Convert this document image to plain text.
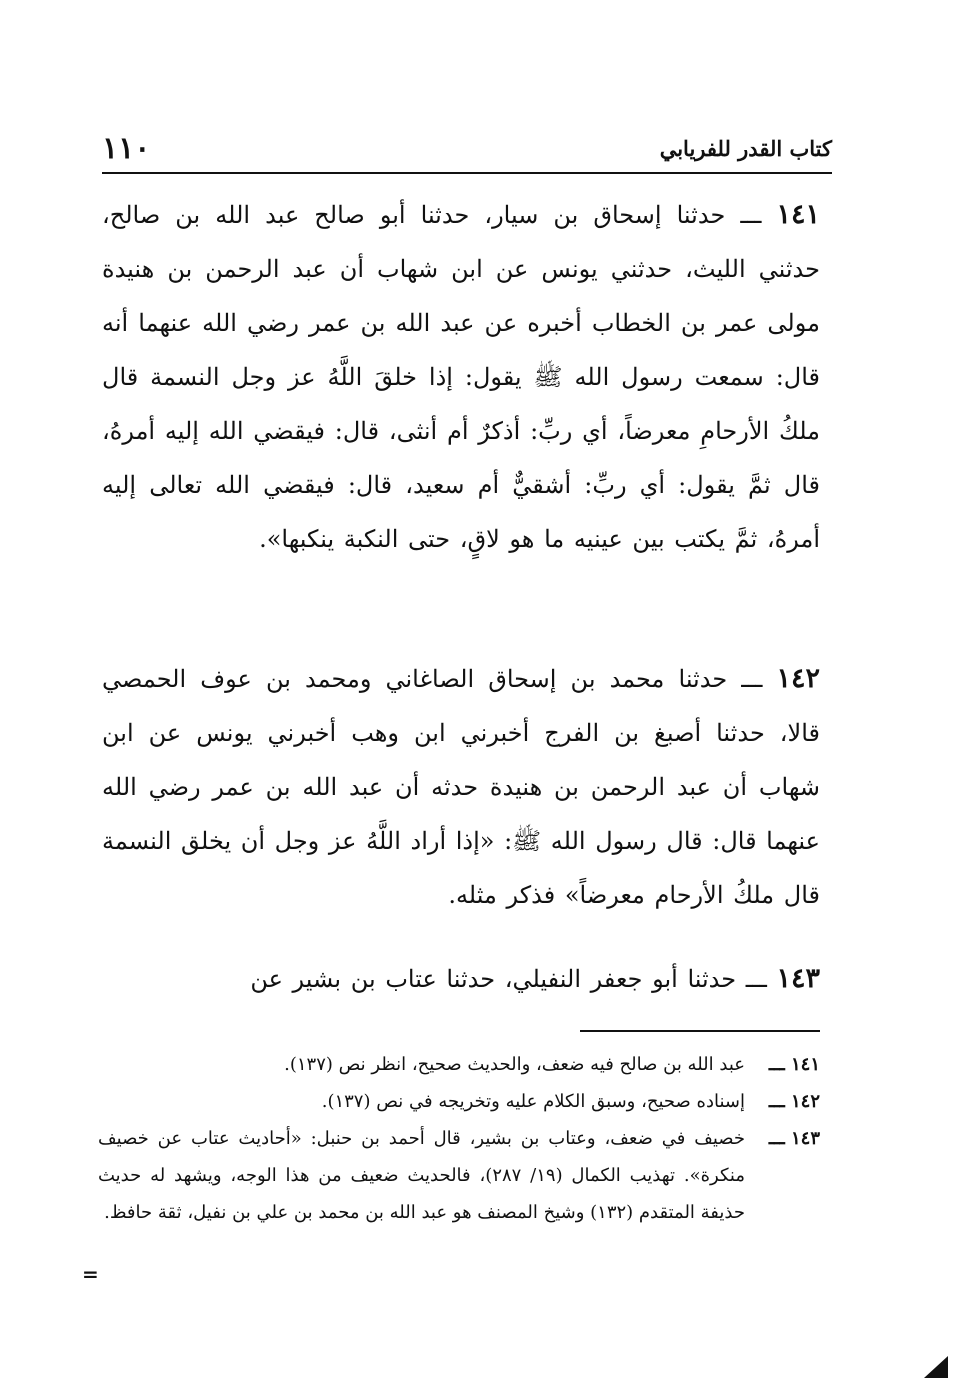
١١٠	كتاب القدر للفريابي

١٤١ ـــ حدثنا إسحاق بن سيار، حدثنا أبو صالح عبد الله بن صالح، حدثني الليث، حدثني يونس عن ابن شهاب أن عبد الرحمن بن هنيدة مولى عمر بن الخطاب أخبره عن عبد الله بن عمر رضي الله عنهما أنه قال: سمعت رسول الله ﷺ يقول: إذا خلقَ اللَّهُ عز وجل النسمة قال ملكُ الأرحامِ معرضاً، أي ربِّ: أذكرٌ أم أنثى، قال: فيقضي الله إليه أمرهُ، قال ثمَّ يقول: أي ربِّ: أشقيٌّ أم سعيد، قال: فيقضي الله تعالى إليه أمرهُ، ثمَّ يكتب بين عينيه ما هو لاقٍ، حتى النكبة ينكبها».

١٤٢ ـــ حدثنا محمد بن إسحاق الصاغاني ومحمد بن عوف الحمصي قالا، حدثنا أصبغ بن الفرج أخبرني ابن وهب أخبرني يونس عن ابن شهاب أن عبد الرحمن بن هنيدة حدثه أن عبد الله بن عمر رضي الله عنهما قال: قال رسول الله ﷺ: «إذا أراد اللَّهُ عز وجل أن يخلق النسمة قال ملكُ الأرحام معرضاً» فذكر مثله.

١٤٣ ـــ حدثنا أبو جعفر النفيلي، حدثنا عتاب بن بشير عن

١٤١ ـــ
عبد الله بن صالح فيه ضعف، والحديث صحيح، انظر نص (١٣٧).
١٤٢ ـــ
إسناده صحيح، وسبق الكلام عليه وتخريجه في نص (١٣٧).
١٤٣ ـــ
خصيف في ضعف، وعتاب بن بشير، قال أحمد بن حنبل: «أحاديث عتاب عن خصيف منكرة». تهذيب الكمال (١٩/ ٢٨٧)، فالحديث ضعيف من هذا الوجه، ويشهد له حديث حذيفة المتقدم (١٣٢) وشيخ المصنف هو عبد الله بن محمد بن علي بن نفيل، ثقة حافظ.
=
